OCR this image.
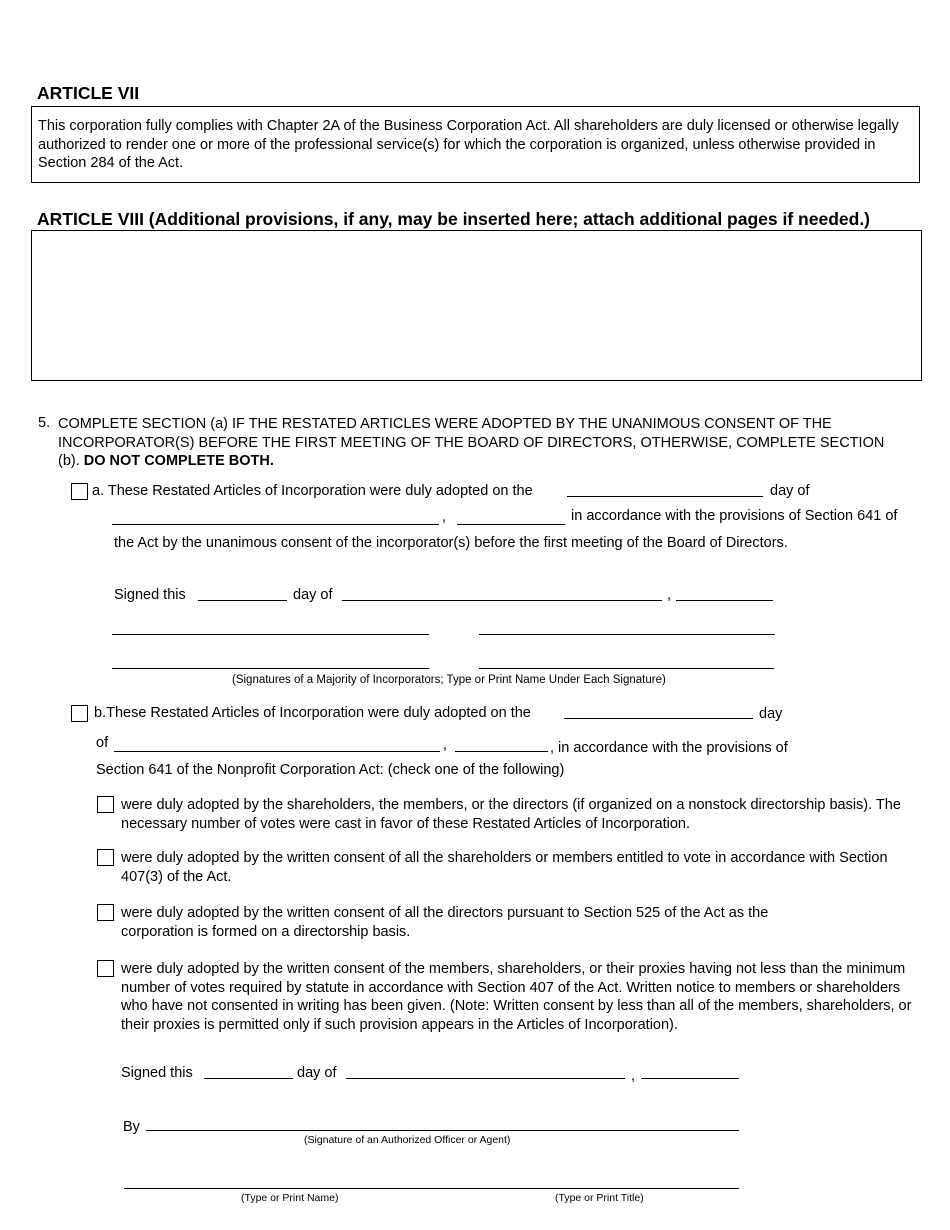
ARTICLE VII
This corporation fully complies with Chapter 2A of the Business Corporation Act. All shareholders are duly licensed or otherwise legally authorized to render one or more of the professional service(s) for which the corporation is organized, unless otherwise provided in Section 284 of the Act.
ARTICLE VIII (Additional provisions, if any, may be inserted here; attach additional pages if needed.)
5. COMPLETE SECTION (a) IF THE RESTATED ARTICLES WERE ADOPTED BY THE UNANIMOUS CONSENT OF THE INCORPORATOR(S) BEFORE THE FIRST MEETING OF THE BOARD OF DIRECTORS, OTHERWISE, COMPLETE SECTION (b). DO NOT COMPLETE BOTH.
a. These Restated Articles of Incorporation were duly adopted on the	day of
,	in accordance with the provisions of Section 641 of
the Act by the unanimous consent of the incorporator(s) before the first meeting of the Board of Directors.
Signed this	day of	,
(Signatures of a Majority of Incorporators; Type or Print Name Under Each Signature)
b.These Restated Articles of Incorporation were duly adopted on the	day
of	,	, in accordance with the provisions of
Section 641 of the Nonprofit Corporation Act: (check one of the following)
were duly adopted by the shareholders, the members, or the directors (if organized on a nonstock directorship basis). The necessary number of votes were cast in favor of these Restated Articles of Incorporation.
were duly adopted by the written consent of all the shareholders or members entitled to vote in accordance with Section 407(3) of the Act.
were duly adopted by the written consent of all the directors pursuant to Section 525 of the Act as the corporation is formed on a directorship basis.
were duly adopted by the written consent of the members, shareholders, or their proxies having not less than the minimum number of votes required by statute in accordance with Section 407 of the Act. Written notice to members or shareholders who have not consented in writing has been given. (Note: Written consent by less than all of the members, shareholders, or their proxies is permitted only if such provision appears in the Articles of Incorporation).
Signed this	day of	,
By
(Signature of an Authorized Officer or Agent)
(Type or Print Name)	(Type or Print Title)
